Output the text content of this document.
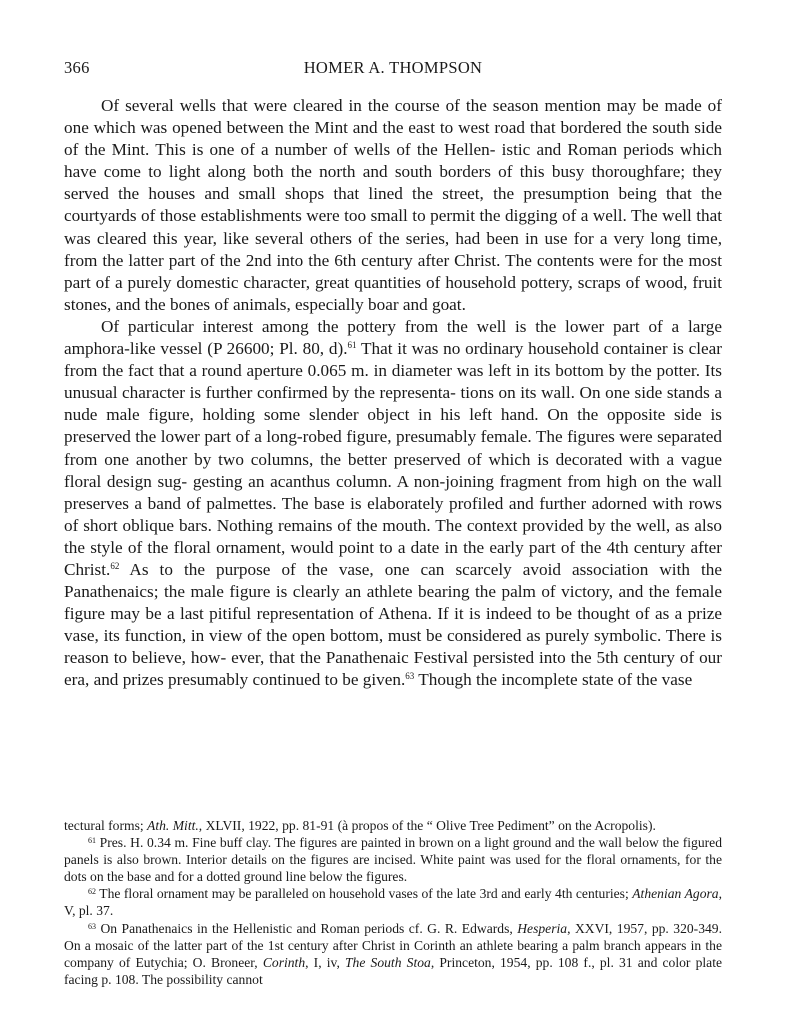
366	HOMER A. THOMPSON

Of several wells that were cleared in the course of the season mention may be made of one which was opened between the Mint and the east to west road that bordered the south side of the Mint. This is one of a number of wells of the Hellen- istic and Roman periods which have come to light along both the north and south borders of this busy thoroughfare; they served the houses and small shops that lined the street, the presumption being that the courtyards of those establishments were too small to permit the digging of a well. The well that was cleared this year, like several others of the series, had been in use for a very long time, from the latter part of the 2nd into the 6th century after Christ. The contents were for the most part of a purely domestic character, great quantities of household pottery, scraps of wood, fruit stones, and the bones of animals, especially boar and goat.

Of particular interest among the pottery from the well is the lower part of a large amphora-like vessel (P 26600; Pl. 80, d).$^{61}$ That it was no ordinary household container is clear from the fact that a round aperture 0.065 m. in diameter was left in its bottom by the potter. Its unusual character is further confirmed by the representa- tions on its wall. On one side stands a nude male figure, holding some slender object in his left hand. On the opposite side is preserved the lower part of a long-robed figure, presumably female. The figures were separated from one another by two columns, the better preserved of which is decorated with a vague floral design sug- gesting an acanthus column. A non-joining fragment from high on the wall preserves a band of palmettes. The base is elaborately profiled and further adorned with rows of short oblique bars. Nothing remains of the mouth. The context provided by the well, as also the style of the floral ornament, would point to a date in the early part of the 4th century after Christ.$^{62}$ As to the purpose of the vase, one can scarcely avoid association with the Panathenaics; the male figure is clearly an athlete bearing the palm of victory, and the female figure may be a last pitiful representation of Athena. If it is indeed to be thought of as a prize vase, its function, in view of the open bottom, must be considered as purely symbolic. There is reason to believe, how- ever, that the Panathenaic Festival persisted into the 5th century of our era, and prizes presumably continued to be given.$^{63}$ Though the incomplete state of the vase

tectural forms; Ath. Mitt., XLVII, 1922, pp. 81-91 (à propos of the “ Olive Tree Pediment” on the Acropolis).

$^{61}$ Pres. H. 0.34 m. Fine buff clay. The figures are painted in brown on a light ground and the wall below the figured panels is also brown. Interior details on the figures are incised. White paint was used for the floral ornaments, for the dots on the base and for a dotted ground line below the figures.

$^{62}$ The floral ornament may be paralleled on household vases of the late 3rd and early 4th centuries; Athenian Agora, V, pl. 37.

$^{63}$ On Panathenaics in the Hellenistic and Roman periods cf. G. R. Edwards, Hesperia, XXVI, 1957, pp. 320-349. On a mosaic of the latter part of the 1st century after Christ in Corinth an athlete bearing a palm branch appears in the company of Eutychia; O. Broneer, Corinth, I, iv, The South Stoa, Princeton, 1954, pp. 108 f., pl. 31 and color plate facing p. 108. The possibility cannot
